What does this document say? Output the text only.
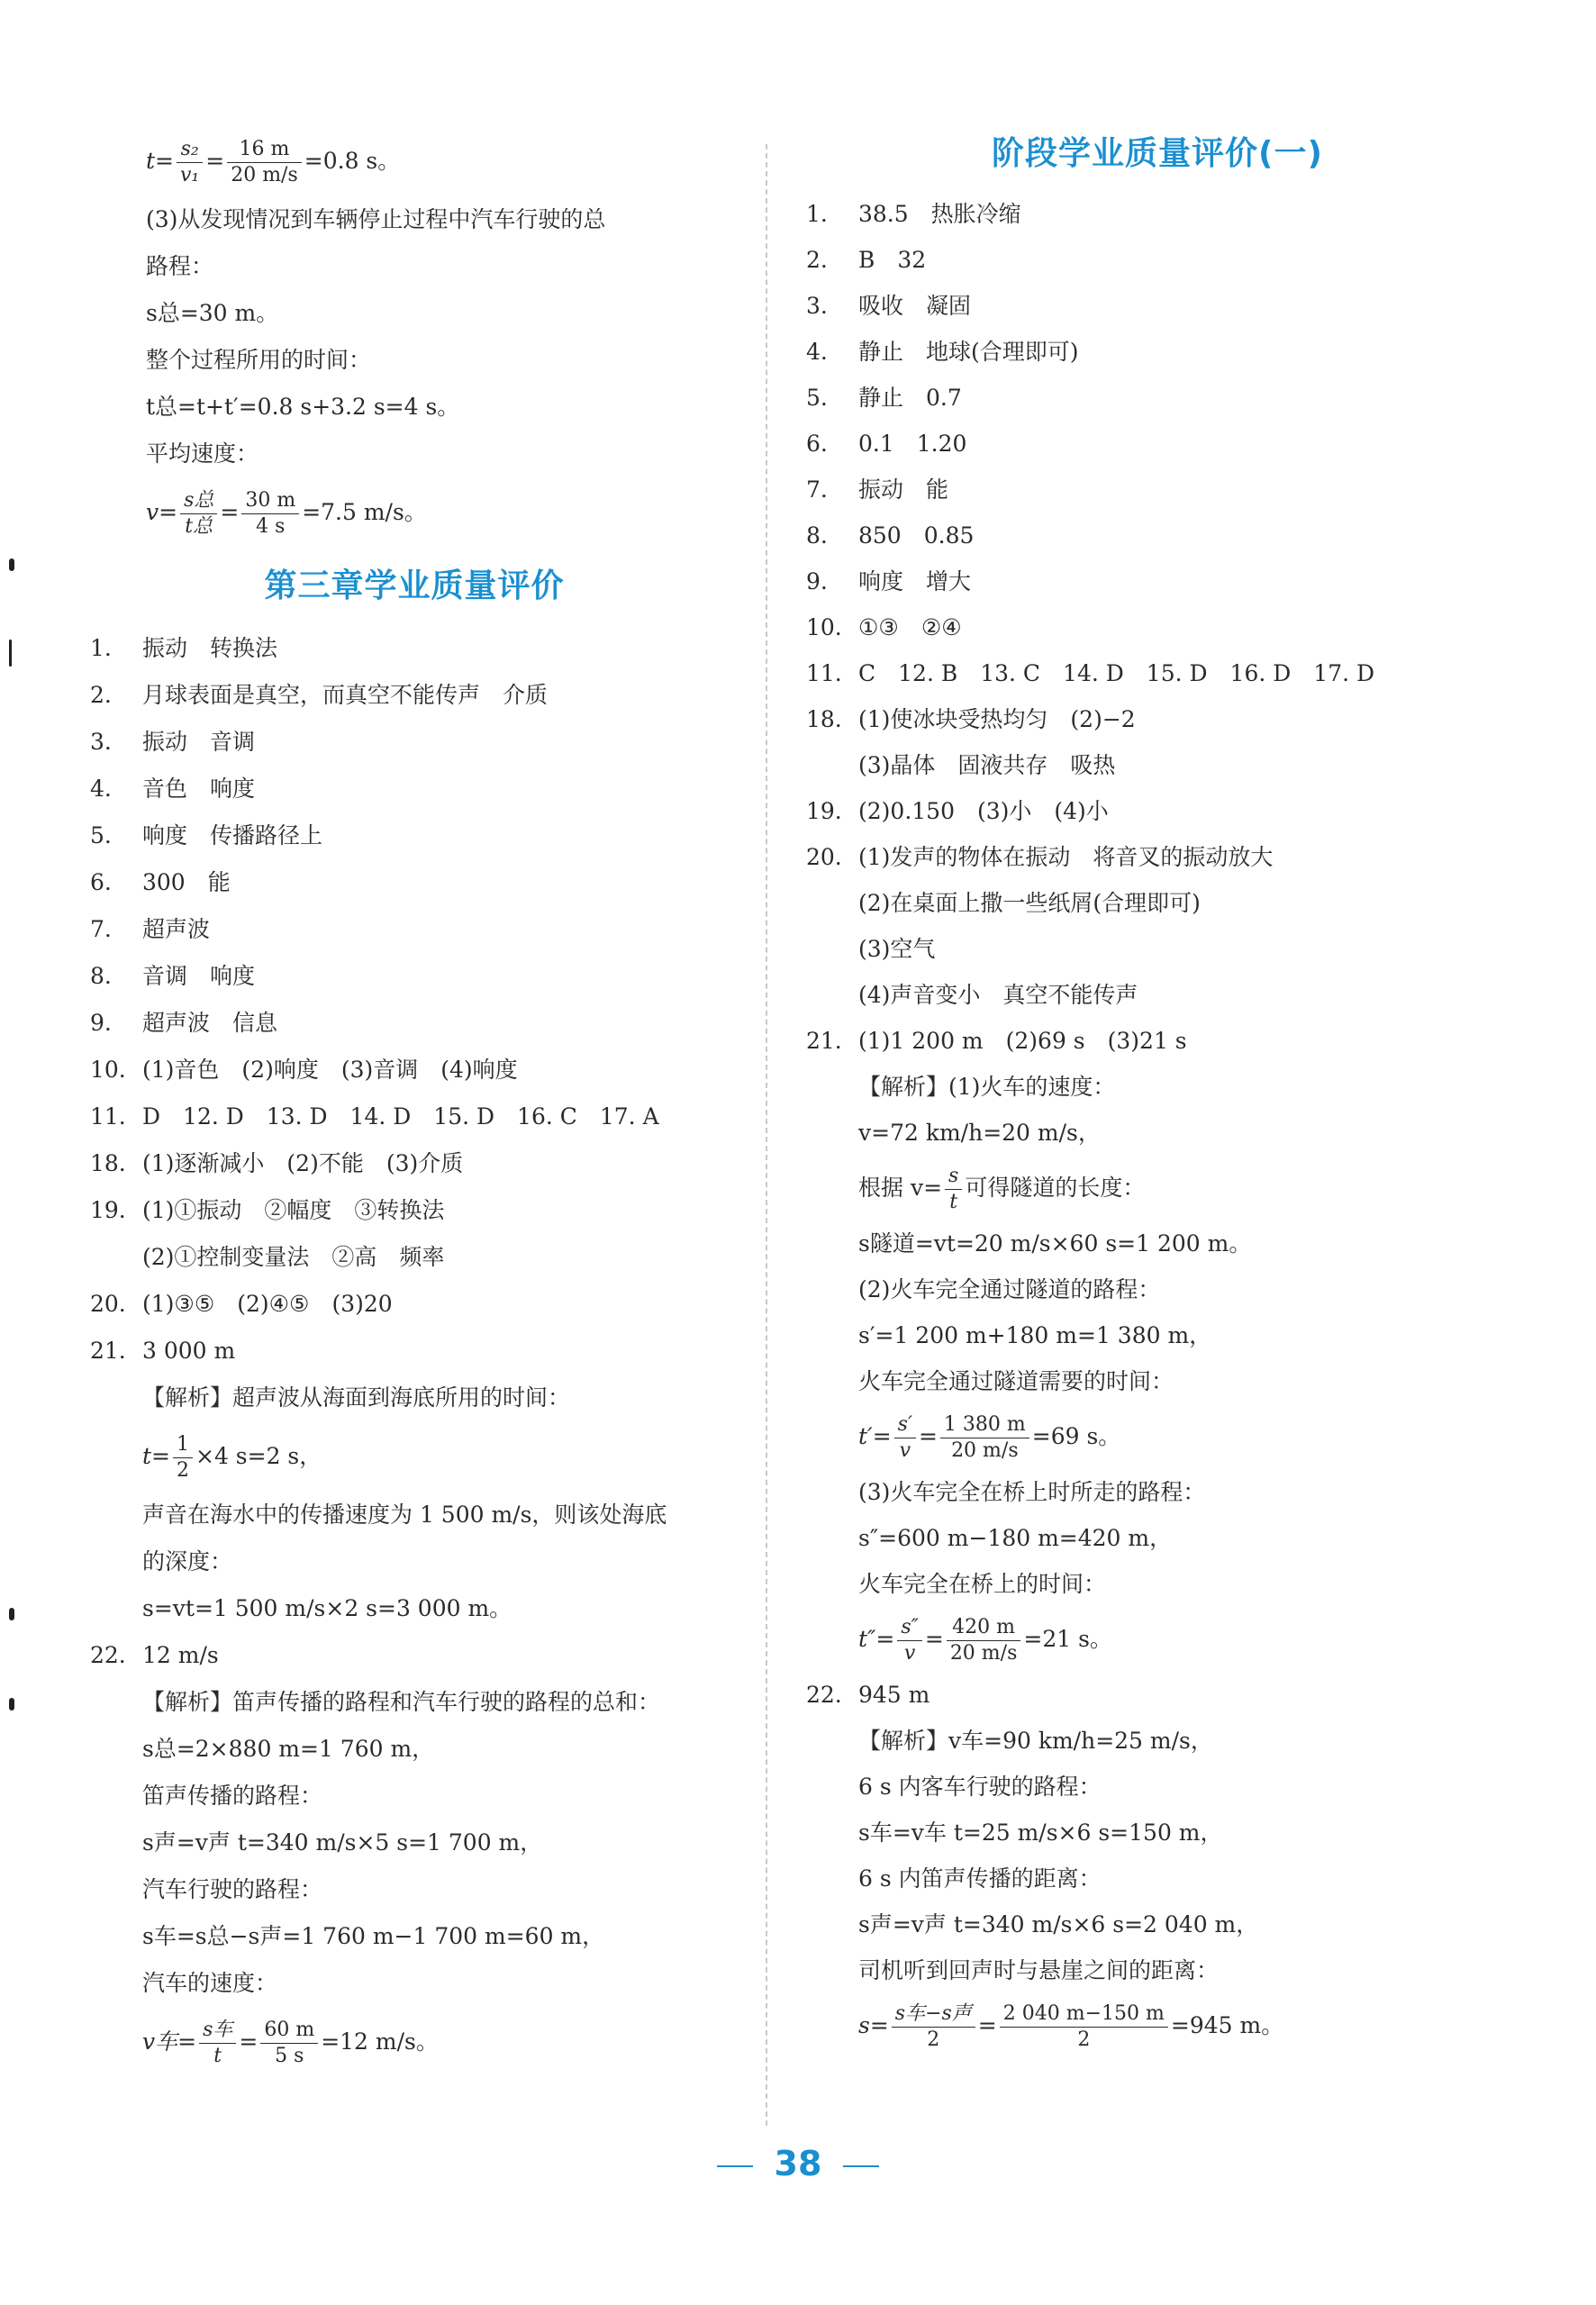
$t= \frac{\text{s₂}}{\text{v₁}} = \frac{16 m}{20 m/s} =0.8$ s。
(3)从发现情况到车辆停止过程中汽车行驶的总
路程：
s总=30 m。
整个过程所用的时间：
t总=t+t′=0.8 s+3.2 s=4 s。
平均速度：
$v= \frac{\text{s总}}{\text{t总}} = \frac{30 m}{4 s} =7.5$ m/s。
第三章学业质量评价
1. 振动　转换法
2. 月球表面是真空，而真空不能传声　介质
3. 振动　音调
4. 音色　响度
5. 响度　传播路径上
6. 300　能
7. 超声波
8. 音调　响度
9. 超声波　信息
10. (1)音色　(2)响度　(3)音调　(4)响度
11. D　12. D　13. D　14. D　15. D　16. C　17. A
18. (1)逐渐减小　(2)不能　(3)介质
19. (1)①振动　②幅度　③转换法
(2)①控制变量法　②高　频率
20. (1)③⑤　(2)④⑤　(3)20
21. 3 000 m
【解析】超声波从海面到海底所用的时间：
$t= \frac{1}{2} \times 4$ s=2 s，
声音在海水中的传播速度为 1 500 m/s，则该处海底
的深度：
s=vt=1 500 m/s×2 s=3 000 m。
22. 12 m/s
【解析】笛声传播的路程和汽车行驶的路程的总和：
s总=2×880 m=1 760 m，
笛声传播的路程：
s声=v声 t=340 m/s×5 s=1 700 m，
汽车行驶的路程：
s车=s总−s声=1 760 m−1 700 m=60 m，
汽车的速度：
v车= $\frac{\text{s车}}{t} = \frac{60 m}{5 s} =12$ m/s。
阶段学业质量评价(一)
1. 38.5　热胀冷缩
2. B　32
3. 吸收　凝固
4. 静止　地球(合理即可)
5. 静止　0.7
6. 0.1　1.20
7. 振动　能
8. 850　0.85
9. 响度　增大
10. ①③　②④
11. C　12. B　13. C　14. D　15. D　16. D　17. D
18. (1)使冰块受热均匀　(2)−2
(3)晶体　固液共存　吸热
19. (2)0.150　(3)小　(4)小
20. (1)发声的物体在振动　将音叉的振动放大
(2)在桌面上撒一些纸屑(合理即可)
(3)空气
(4)声音变小　真空不能传声
21. (1)1 200 m　(2)69 s　(3)21 s
【解析】(1)火车的速度：
v=72 km/h=20 m/s，
根据 $v= \frac{s}{t}$ 可得隧道的长度：
s隧道=vt=20 m/s×60 s=1 200 m。
(2)火车完全通过隧道的路程：
s′=1 200 m+180 m=1 380 m，
火车完全通过隧道需要的时间：
$t'= \frac{s'}{v} = \frac{1 380 m}{20 m/s} =69$ s。
(3)火车完全在桥上时所走的路程：
s″=600 m−180 m=420 m，
火车完全在桥上的时间：
$t''= \frac{s''}{v} = \frac{420 m}{20 m/s} =21$ s。
22. 945 m
【解析】v车=90 km/h=25 m/s，
6 s 内客车行驶的路程：
s车=v车 t=25 m/s×6 s=150 m，
6 s 内笛声传播的距离：
s声=v声 t=340 m/s×6 s=2 040 m，
司机听到回声时与悬崖之间的距离：
$s= \frac{\text{s车−s声}}{2} = \frac{2 040 m-150 m}{2} =945$ m。
38
